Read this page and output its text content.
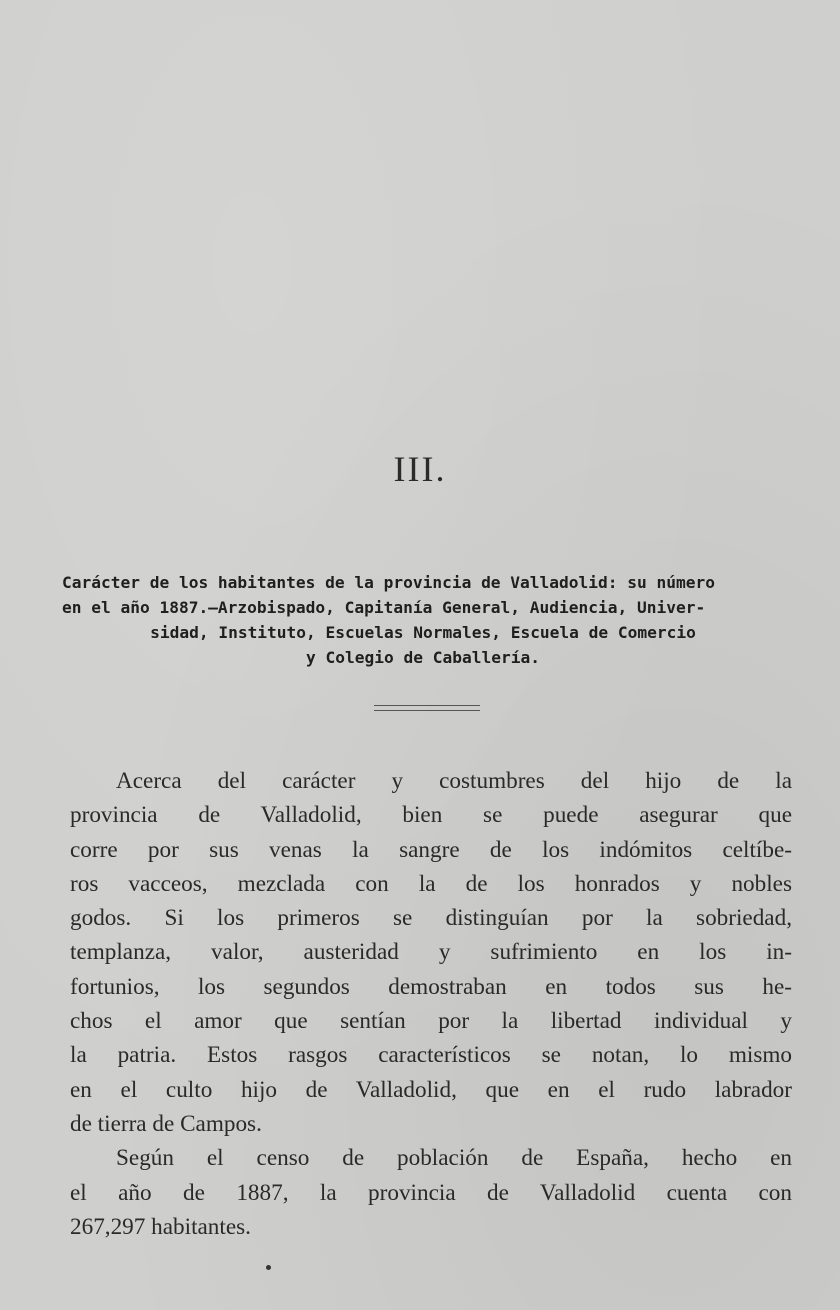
III.
Carácter de los habitantes de la provincia de Valladolid: su número
en el año 1887.—Arzobispado, Capitanía General, Audiencia, Univer-
sidad, Instituto, Escuelas Normales, Escuela de Comercio
y Colegio de Caballería.
Acerca del carácter y costumbres del hijo de la
provincia de Valladolid, bien se puede asegurar que
corre por sus venas la sangre de los indómitos celtíbe-
ros vacceos, mezclada con la de los honrados y nobles
godos. Si los primeros se distinguían por la sobriedad,
templanza, valor, austeridad y sufrimiento en los in-
fortunios, los segundos demostraban en todos sus he-
chos el amor que sentían por la libertad individual y
la patria. Estos rasgos característicos se notan, lo mismo
en el culto hijo de Valladolid, que en el rudo labrador
de tierra de Campos.
Según el censo de población de España, hecho en
el año de 1887, la provincia de Valladolid cuenta con
267,297 habitantes.
